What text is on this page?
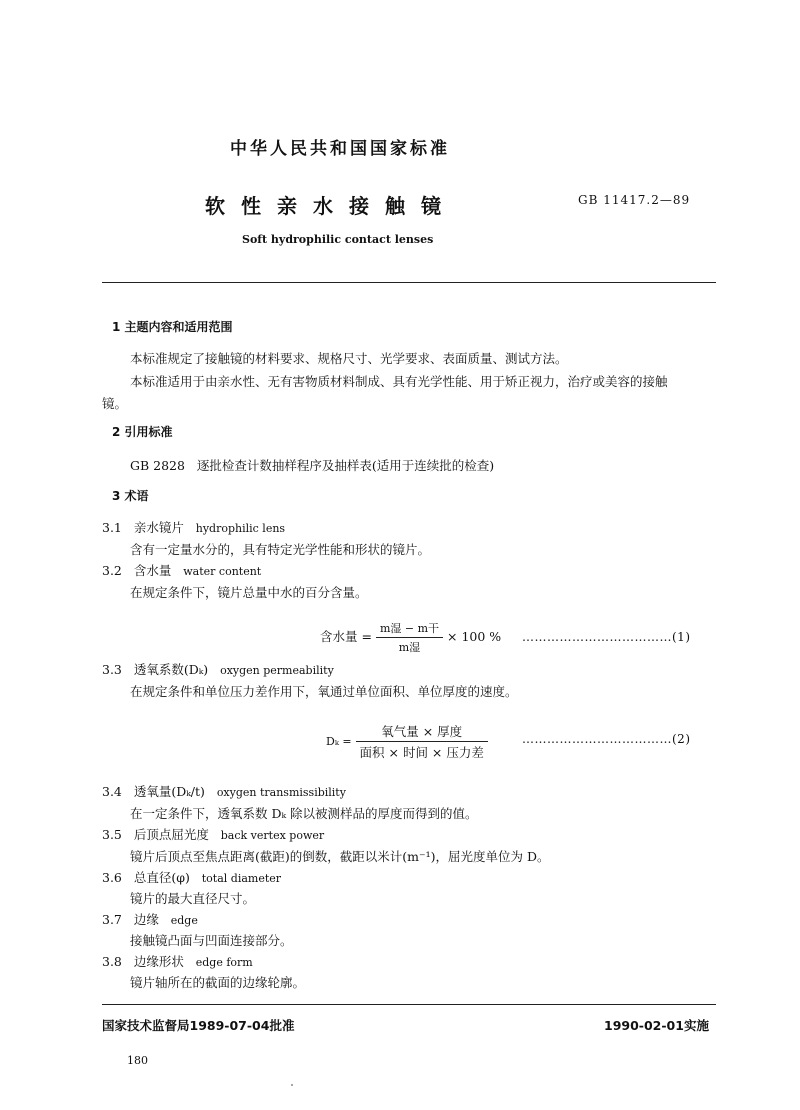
中华人民共和国国家标准
软性亲水接触镜	GB 11417.2—89
Soft hydrophilic contact lenses
1 主题内容和适用范围
本标准规定了接触镜的材料要求、规格尺寸、光学要求、表面质量、测试方法。
本标准适用于由亲水性、无有害物质材料制成、具有光学性能、用于矫正视力，治疗或美容的接触
镜。
2 引用标准
GB 2828   逐批检查计数抽样程序及抽样表(适用于连续批的检查)
3 术语
3.1 亲水镜片 hydrophilic lens
含有一定量水分的，具有特定光学性能和形状的镜片。
3.2 含水量 water content
在规定条件下，镜片总量中水的百分含量。
含水量 = $\frac{\text{m湿 − m干}}{\text{m湿}} \times 100$ % ………………………………(1)
3.3 透氧系数(Dₖ) oxygen permeability
在规定条件和单位压力差作用下，氧通过单位面积、单位厚度的速度。
$D_k = \frac{\text{氧气量 × 厚度}}{\text{面积 × 时间 × 压力差}}$	………………………………(2)
3.4 透氧量(Dₖ/t) oxygen transmissibility
在一定条件下，透氧系数 Dₖ 除以被测样品的厚度而得到的值。
3.5 后顶点屈光度 back vertex power
镜片后顶点至焦点距离(截距)的倒数，截距以米计(m⁻¹)，屈光度单位为 D。
3.6 总直径(φ) total diameter
镜片的最大直径尺寸。
3.7 边缘 edge
接触镜凸面与凹面连接部分。
3.8 边缘形状 edge form
镜片轴所在的截面的边缘轮廓。
国家技术监督局1989-07-04批准	1990-02-01实施
180
